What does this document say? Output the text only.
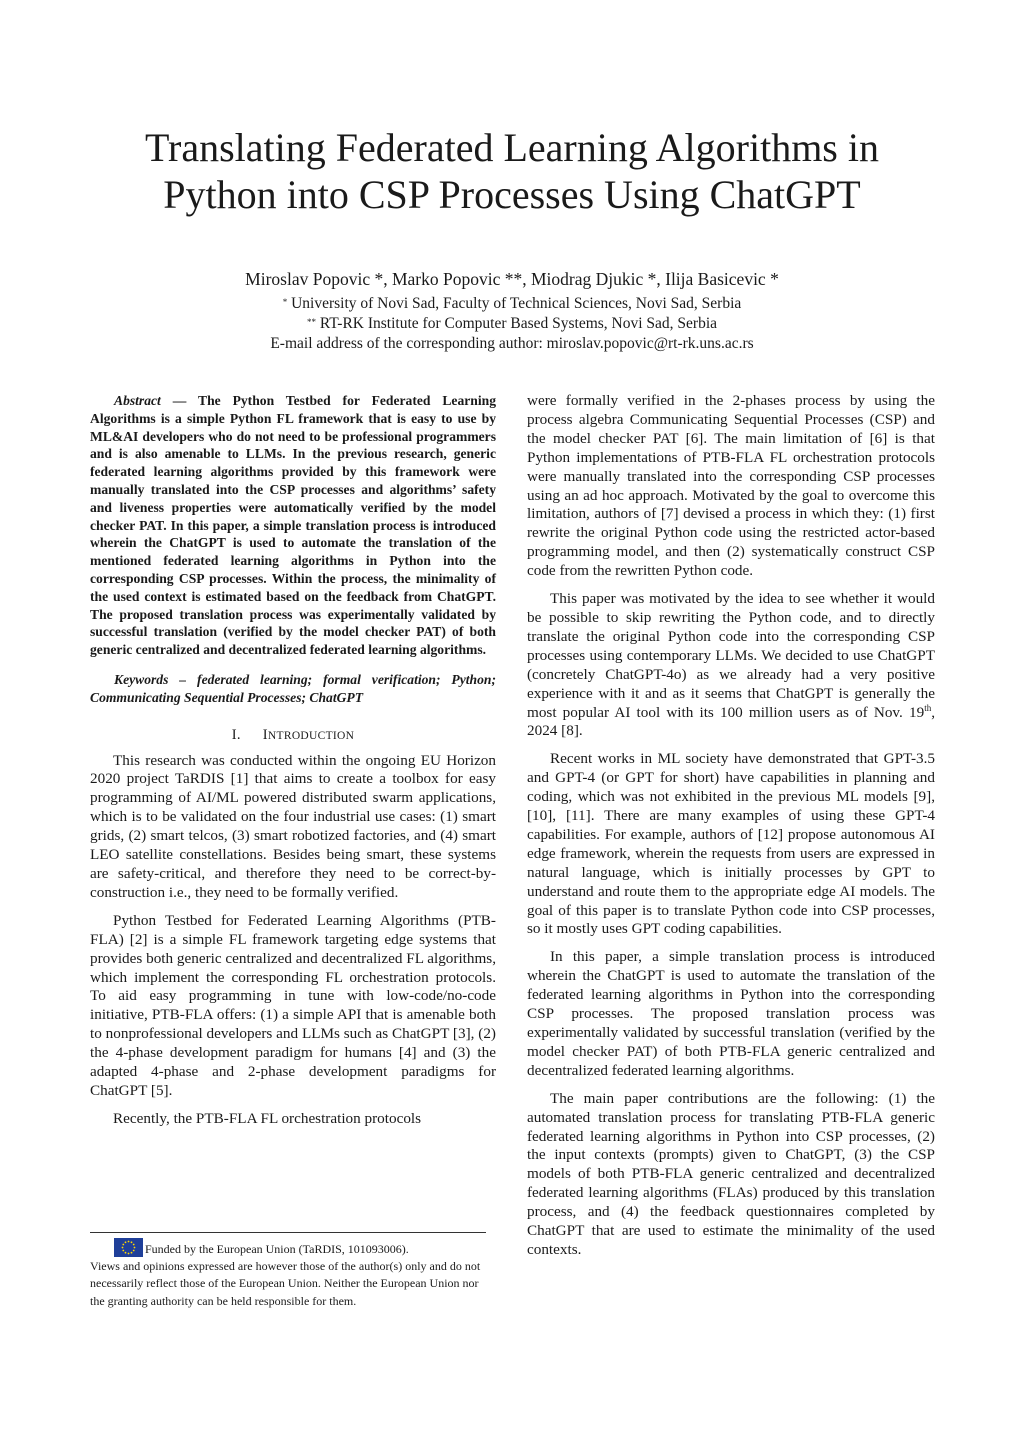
Translating Federated Learning Algorithms in
Python into CSP Processes Using ChatGPT
Miroslav Popovic *, Marko Popovic **, Miodrag Djukic *, Ilija Basicevic *
* University of Novi Sad, Faculty of Technical Sciences, Novi Sad, Serbia
** RT-RK Institute for Computer Based Systems, Novi Sad, Serbia
E-mail address of the corresponding author: miroslav.popovic@rt-rk.uns.ac.rs

Abstract — The Python Testbed for Federated Learning Algorithms is a simple Python FL framework that is easy to use by ML&AI developers who do not need to be professional programmers and is also amenable to LLMs. In the previous research, generic federated learning algorithms provided by this framework were manually translated into the CSP processes and algorithms’ safety and liveness properties were automatically verified by the model checker PAT. In this paper, a simple translation process is introduced wherein the ChatGPT is used to automate the translation of the mentioned federated learning algorithms in Python into the corresponding CSP processes. Within the process, the minimality of the used context is estimated based on the feedback from ChatGPT. The proposed translation process was experimentally validated by successful translation (verified by the model checker PAT) of both generic centralized and decentralized federated learning algorithms.

Keywords – federated learning; formal verification; Python; Communicating Sequential Processes; ChatGPT

I. INTRODUCTION

This research was conducted within the ongoing EU Horizon 2020 project TaRDIS [1] that aims to create a toolbox for easy programming of AI/ML powered distributed swarm applications, which is to be validated on the four industrial use cases: (1) smart grids, (2) smart telcos, (3) smart robotized factories, and (4) smart LEO satellite constellations. Besides being smart, these systems are safety-critical, and therefore they need to be correct-by-construction i.e., they need to be formally verified.

Python Testbed for Federated Learning Algorithms (PTB-FLA) [2] is a simple FL framework targeting edge systems that provides both generic centralized and decentralized FL algorithms, which implement the corresponding FL orchestration protocols. To aid easy programming in tune with low-code/no-code initiative, PTB-FLA offers: (1) a simple API that is amenable both to nonprofessional developers and LLMs such as ChatGPT [3], (2) the 4-phase development paradigm for humans [4] and (3) the adapted 4-phase and 2-phase development paradigms for ChatGPT [5].

Recently, the PTB-FLA FL orchestration protocols

were formally verified in the 2-phases process by using the process algebra Communicating Sequential Processes (CSP) and the model checker PAT [6]. The main limitation of [6] is that Python implementations of PTB-FLA FL orchestration protocols were manually translated into the corresponding CSP processes using an ad hoc approach. Motivated by the goal to overcome this limitation, authors of [7] devised a process in which they: (1) first rewrite the original Python code using the restricted actor-based programming model, and then (2) systematically construct CSP code from the rewritten Python code.

This paper was motivated by the idea to see whether it would be possible to skip rewriting the Python code, and to directly translate the original Python code into the corresponding CSP processes using contemporary LLMs. We decided to use ChatGPT (concretely ChatGPT-4o) as we already had a very positive experience with it and as it seems that ChatGPT is generally the most popular AI tool with its 100 million users as of Nov. 19th, 2024 [8].

Recent works in ML society have demonstrated that GPT-3.5 and GPT-4 (or GPT for short) have capabilities in planning and coding, which was not exhibited in the previous ML models [9], [10], [11]. There are many examples of using these GPT-4 capabilities. For example, authors of [12] propose autonomous AI edge framework, wherein the requests from users are expressed in natural language, which is initially processes by GPT to understand and route them to the appropriate edge AI models. The goal of this paper is to translate Python code into CSP processes, so it mostly uses GPT coding capabilities.

In this paper, a simple translation process is introduced wherein the ChatGPT is used to automate the translation of the federated learning algorithms in Python into the corresponding CSP processes. The proposed translation process was experimentally validated by successful translation (verified by the model checker PAT) of both PTB-FLA generic centralized and decentralized federated learning algorithms.

The main paper contributions are the following: (1) the automated translation process for translating PTB-FLA generic federated learning algorithms in Python into CSP processes, (2) the input contexts (prompts) given to ChatGPT, (3) the CSP models of both PTB-FLA generic centralized and decentralized federated learning algorithms (FLAs) produced by this translation process, and (4) the feedback questionnaires completed by ChatGPT that are used to estimate the minimality of the used contexts.

Funded by the European Union (TaRDIS, 101093006).
Views and opinions expressed are however those of the author(s) only and do not necessarily reflect those of the European Union. Neither the European Union nor the granting authority can be held responsible for them.
